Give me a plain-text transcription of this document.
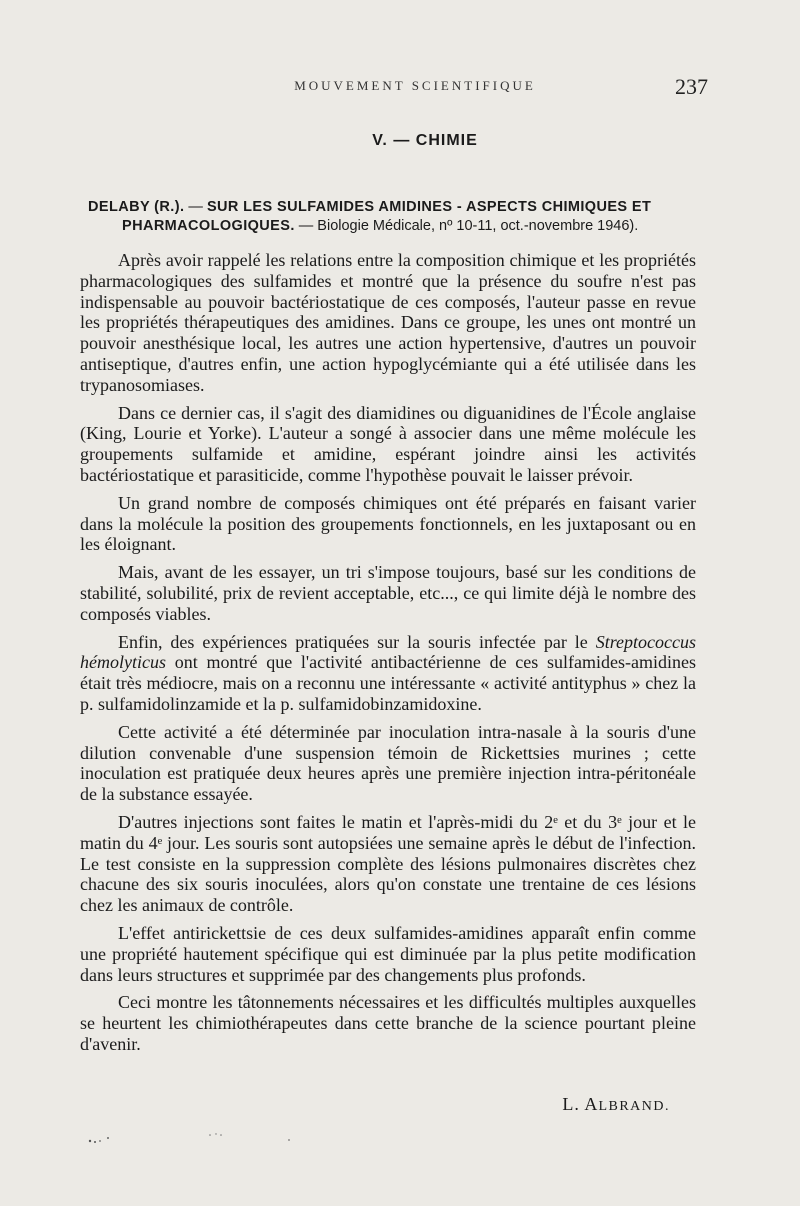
MOUVEMENT SCIENTIFIQUE	237
V. — CHIMIE
DELABY (R.). — SUR LES SULFAMIDES AMIDINES - ASPECTS CHIMIQUES ET
PHARMACOLOGIQUES. — Biologie Médicale, nº 10-11, oct.-novembre 1946).

Après avoir rappelé les relations entre la composition chimique et les propriétés pharmacologiques des sulfamides et montré que la présence du soufre n'est pas indispensable au pouvoir bactériostatique de ces composés, l'auteur passe en revue les propriétés thérapeutiques des amidines. Dans ce groupe, les unes ont montré un pouvoir anesthésique local, les autres une action hypertensive, d'autres un pouvoir antiseptique, d'autres enfin, une action hypoglycémiante qui a été utilisée dans les trypanosomiases.

Dans ce dernier cas, il s'agit des diamidines ou diguanidines de l'École anglaise (King, Lourie et Yorke). L'auteur a songé à associer dans une même molécule les groupements sulfamide et amidine, espérant joindre ainsi les activités bactériostatique et parasiticide, comme l'hypothèse pouvait le laisser prévoir.

Un grand nombre de composés chimiques ont été préparés en faisant varier dans la molécule la position des groupements fonctionnels, en les juxtaposant ou en les éloignant.

Mais, avant de les essayer, un tri s'impose toujours, basé sur les conditions de stabilité, solubilité, prix de revient acceptable, etc..., ce qui limite déjà le nombre des composés viables.

Enfin, des expériences pratiquées sur la souris infectée par le Streptococcus hémolyticus ont montré que l'activité antibactérienne de ces sulfamides-amidines était très médiocre, mais on a reconnu une intéressante « activité antityphus » chez la p. sulfamidolinzamide et la p. sulfamidobinzamidoxine.

Cette activité a été déterminée par inoculation intra-nasale à la souris d'une dilution convenable d'une suspension témoin de Rickettsies murines ; cette inoculation est pratiquée deux heures après une première injection intra-péritonéale de la substance essayée.

D'autres injections sont faites le matin et l'après-midi du 2ᵉ et du 3ᵉ jour et le matin du 4ᵉ jour. Les souris sont autopsiées une semaine après le début de l'infection. Le test consiste en la suppression complète des lésions pulmonaires discrètes chez chacune des six souris inoculées, alors qu'on constate une trentaine de ces lésions chez les animaux de contrôle.

L'effet antirickettsie de ces deux sulfamides-amidines apparaît enfin comme une propriété hautement spécifique qui est diminuée par la plus petite modification dans leurs structures et supprimée par des changements plus profonds.

Ceci montre les tâtonnements nécessaires et les difficultés multiples auxquelles se heurtent les chimiothérapeutes dans cette branche de la science pourtant pleine d'avenir.

L. ALBRAND.
